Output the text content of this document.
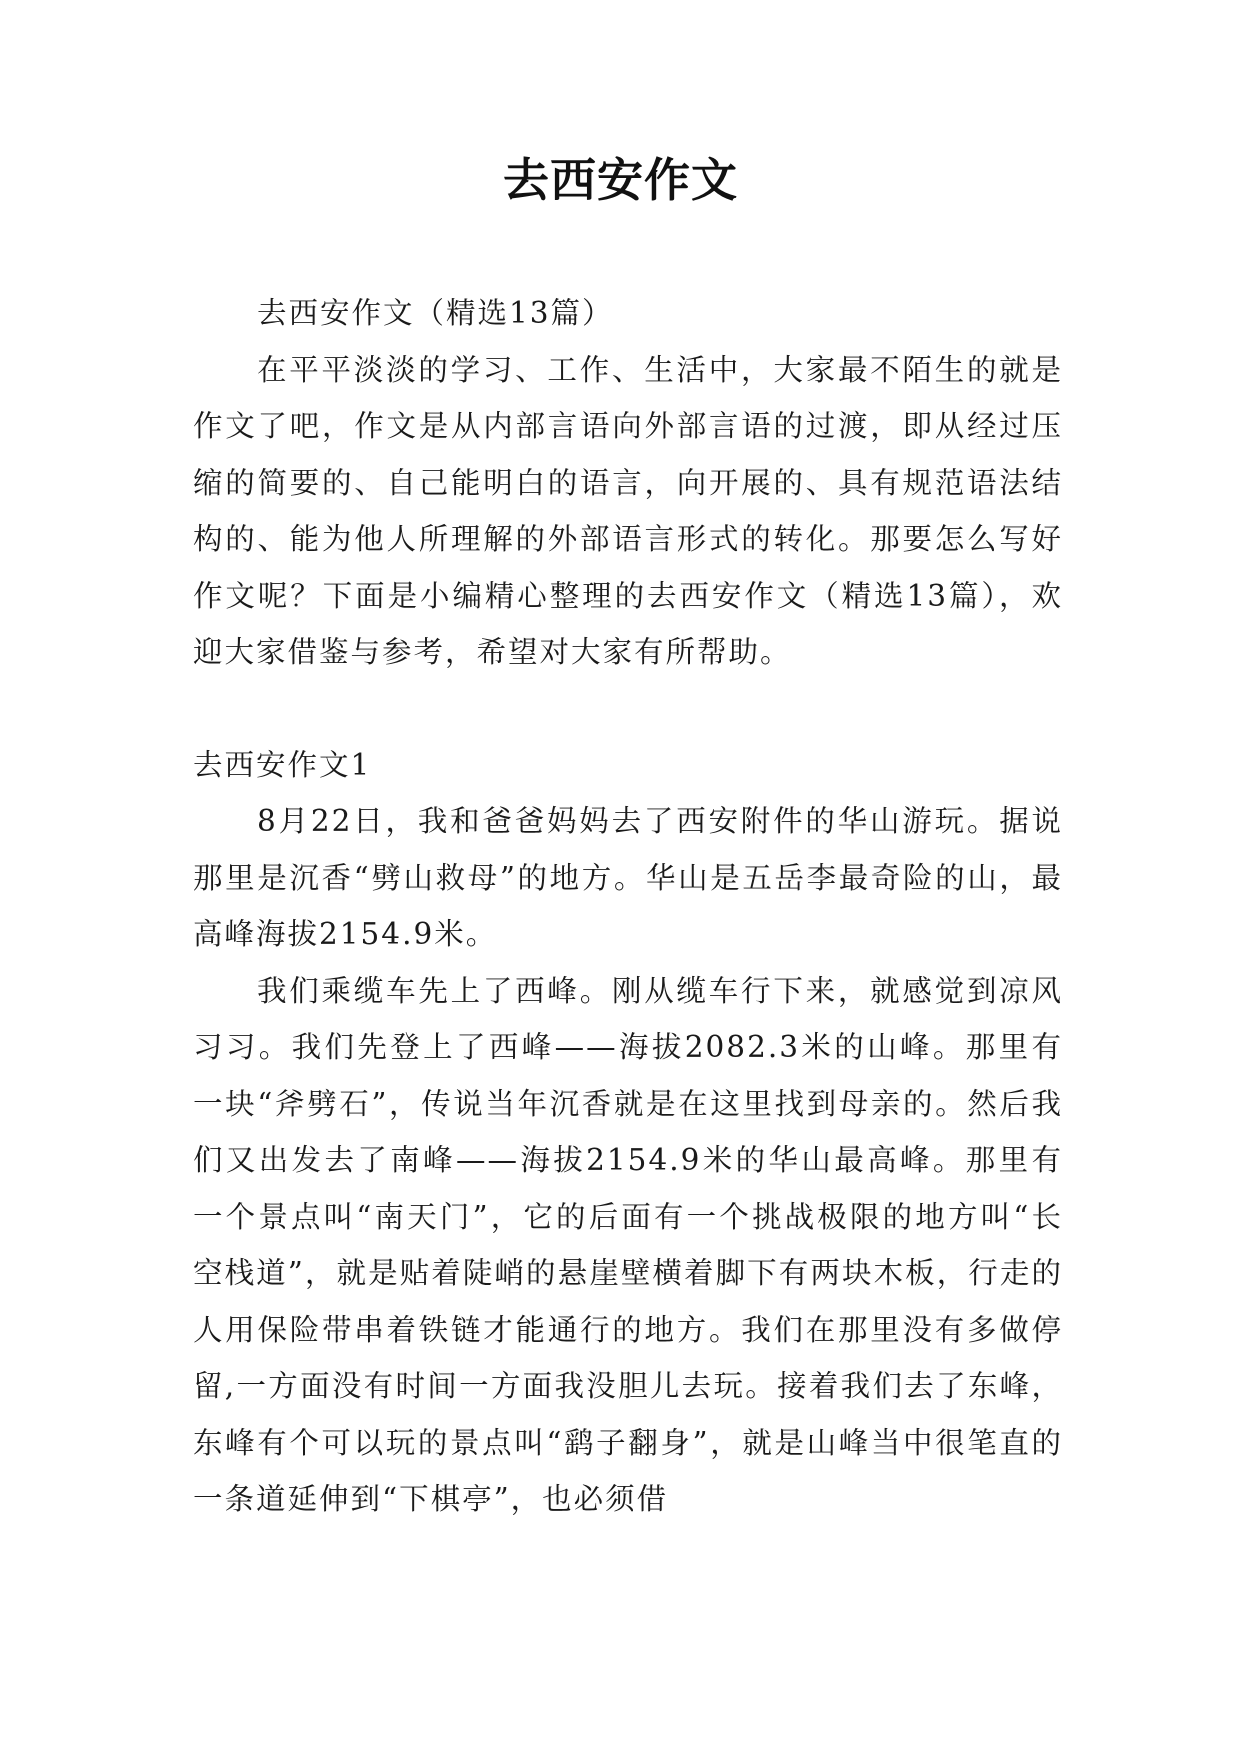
去西安作文

去西安作文（精选13篇）

在平平淡淡的学习、工作、生活中，大家最不陌生的就是作文了吧，作文是从内部言语向外部言语的过渡，即从经过压缩的简要的、自己能明白的语言，向开展的、具有规范语法结构的、能为他人所理解的外部语言形式的转化。那要怎么写好作文呢？下面是小编精心整理的去西安作文（精选13篇），欢迎大家借鉴与参考，希望对大家有所帮助。

去西安作文1

8月22日，我和爸爸妈妈去了西安附件的华山游玩。据说那里是沉香“劈山救母”的地方。华山是五岳李最奇险的山，最高峰海拔2154.9米。

我们乘缆车先上了西峰。刚从缆车行下来，就感觉到凉风习习。我们先登上了西峰——海拔2082.3米的山峰。那里有一块“斧劈石”，传说当年沉香就是在这里找到母亲的。然后我们又出发去了南峰——海拔2154.9米的华山最高峰。那里有一个景点叫“南天门”，它的后面有一个挑战极限的地方叫“长空栈道”，就是贴着陡峭的悬崖壁横着脚下有两块木板，行走的人用保险带串着铁链才能通行的地方。我们在那里没有多做停留,一方面没有时间一方面我没胆儿去玩。接着我们去了东峰，东峰有个可以玩的景点叫“鹞子翻身”，就是山峰当中很笔直的一条道延伸到“下棋亭”，也必须借
